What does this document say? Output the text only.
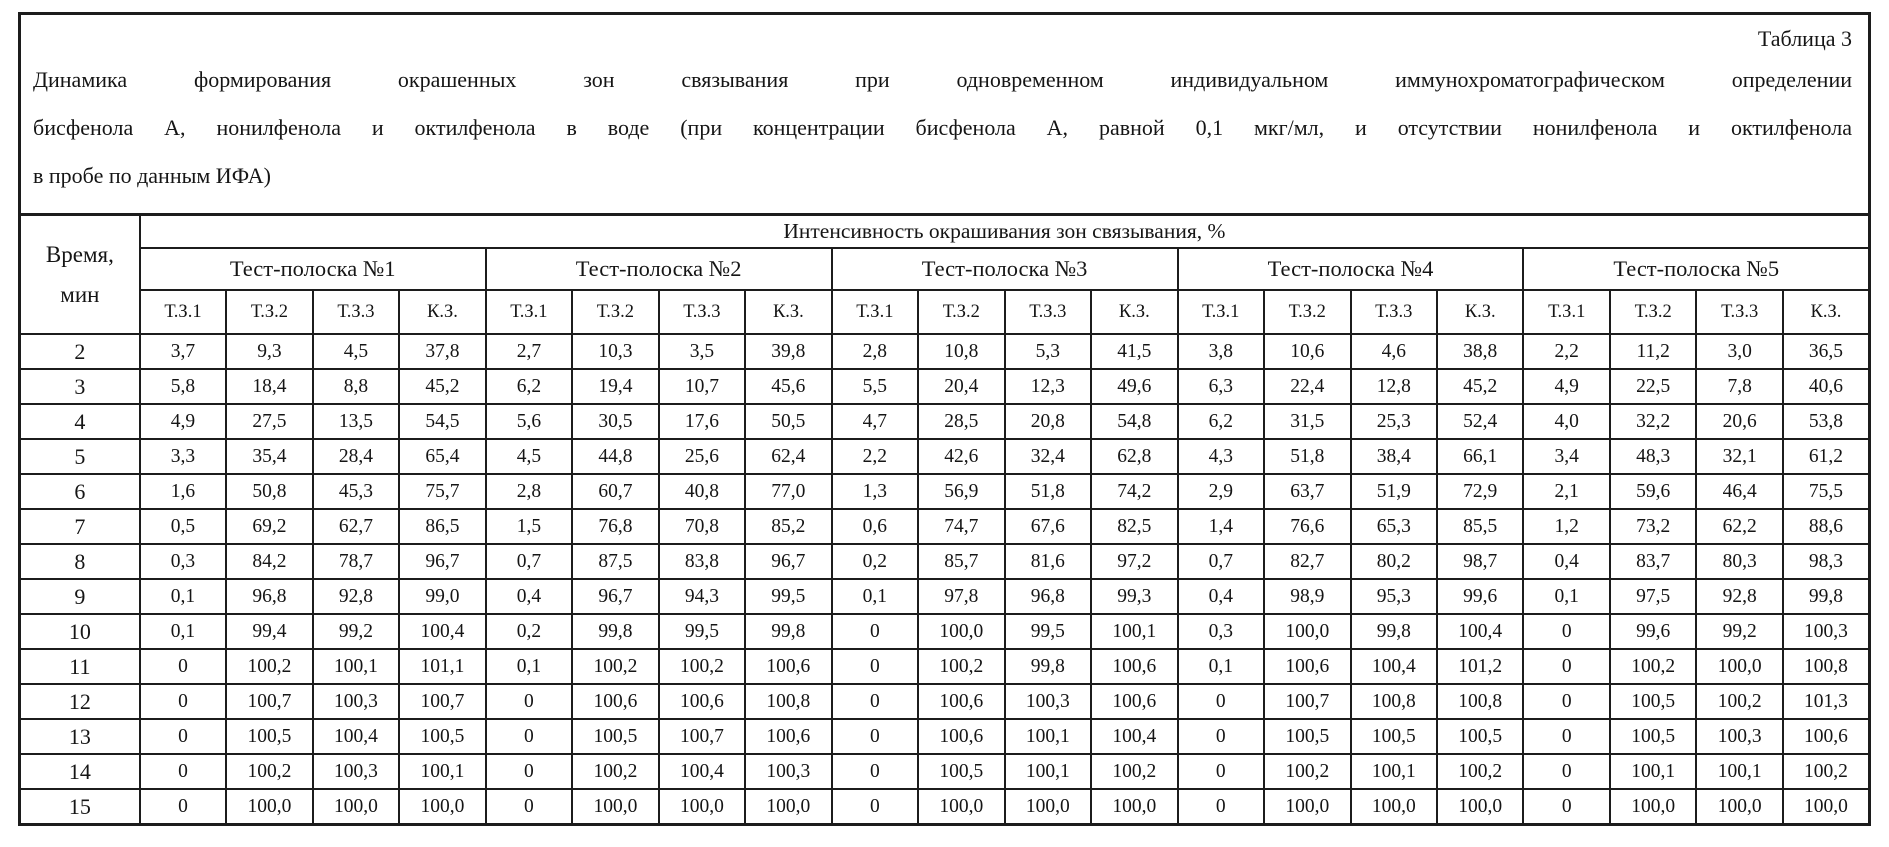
Таблица 3
Динамика формирования окрашенных зон связывания при одновременном индивидуальном иммунохроматографическом определении
бисфенола А, нонилфенола и октилфенола в воде (при концентрации бисфенола А, равной 0,1 мкг/мл, и отсутствии нонилфенола и октилфенола
в пробе по данным ИФА)
Время,
мин	Интенсивность окрашивания зон связывания, %																			
	Тест-полоска №1				Тест-полоска №2				Тест-полоска №3				Тест-полоска №4				Тест-полоска №5			
	Т.З.1	Т.З.2	Т.З.3	К.З.	Т.З.1	Т.З.2	Т.З.3	К.З.	Т.З.1	Т.З.2	Т.З.3	К.З.	Т.З.1	Т.З.2	Т.З.3	К.З.	Т.З.1	Т.З.2	Т.З.3	К.З.
2	3,7	9,3	4,5	37,8	2,7	10,3	3,5	39,8	2,8	10,8	5,3	41,5	3,8	10,6	4,6	38,8	2,2	11,2	3,0	36,5
3	5,8	18,4	8,8	45,2	6,2	19,4	10,7	45,6	5,5	20,4	12,3	49,6	6,3	22,4	12,8	45,2	4,9	22,5	7,8	40,6
4	4,9	27,5	13,5	54,5	5,6	30,5	17,6	50,5	4,7	28,5	20,8	54,8	6,2	31,5	25,3	52,4	4,0	32,2	20,6	53,8
5	3,3	35,4	28,4	65,4	4,5	44,8	25,6	62,4	2,2	42,6	32,4	62,8	4,3	51,8	38,4	66,1	3,4	48,3	32,1	61,2
6	1,6	50,8	45,3	75,7	2,8	60,7	40,8	77,0	1,3	56,9	51,8	74,2	2,9	63,7	51,9	72,9	2,1	59,6	46,4	75,5
7	0,5	69,2	62,7	86,5	1,5	76,8	70,8	85,2	0,6	74,7	67,6	82,5	1,4	76,6	65,3	85,5	1,2	73,2	62,2	88,6
8	0,3	84,2	78,7	96,7	0,7	87,5	83,8	96,7	0,2	85,7	81,6	97,2	0,7	82,7	80,2	98,7	0,4	83,7	80,3	98,3
9	0,1	96,8	92,8	99,0	0,4	96,7	94,3	99,5	0,1	97,8	96,8	99,3	0,4	98,9	95,3	99,6	0,1	97,5	92,8	99,8
10	0,1	99,4	99,2	100,4	0,2	99,8	99,5	99,8	0	100,0	99,5	100,1	0,3	100,0	99,8	100,4	0	99,6	99,2	100,3
11	0	100,2	100,1	101,1	0,1	100,2	100,2	100,6	0	100,2	99,8	100,6	0,1	100,6	100,4	101,2	0	100,2	100,0	100,8
12	0	100,7	100,3	100,7	0	100,6	100,6	100,8	0	100,6	100,3	100,6	0	100,7	100,8	100,8	0	100,5	100,2	101,3
13	0	100,5	100,4	100,5	0	100,5	100,7	100,6	0	100,6	100,1	100,4	0	100,5	100,5	100,5	0	100,5	100,3	100,6
14	0	100,2	100,3	100,1	0	100,2	100,4	100,3	0	100,5	100,1	100,2	0	100,2	100,1	100,2	0	100,1	100,1	100,2
15	0	100,0	100,0	100,0	0	100,0	100,0	100,0	0	100,0	100,0	100,0	0	100,0	100,0	100,0	0	100,0	100,0	100,0
